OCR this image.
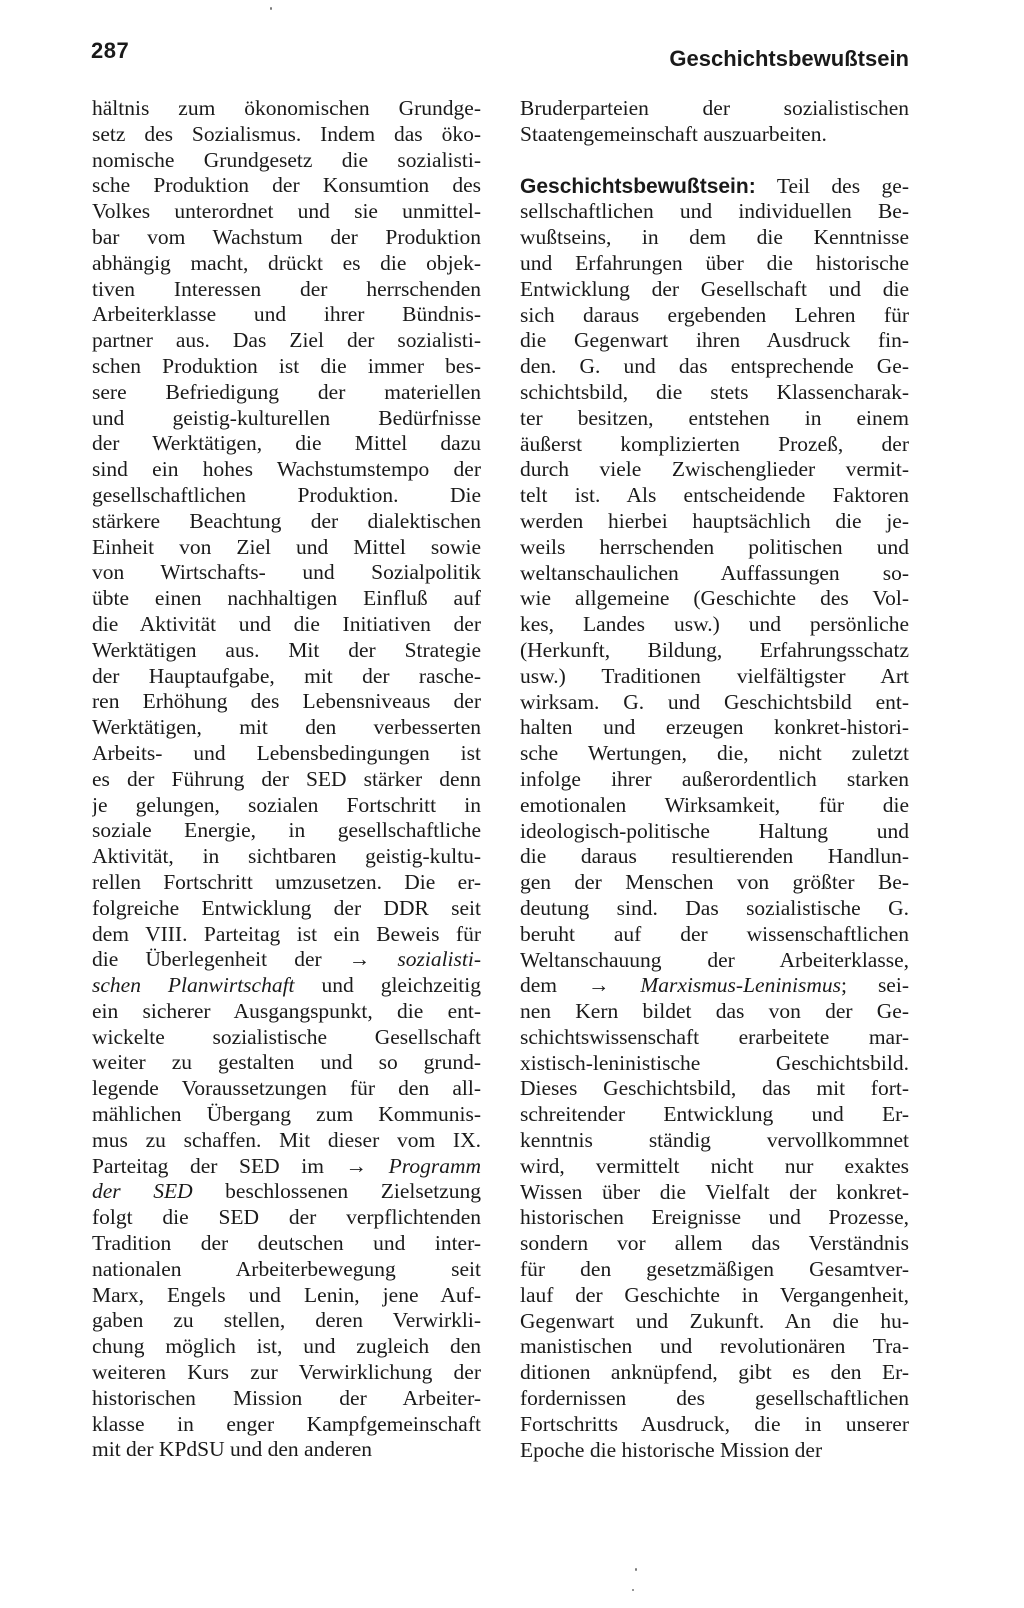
287	Geschichtsbewußtsein
hältnis zum ökonomischen Grundge-
setz des Sozialismus. Indem das öko-
nomische Grundgesetz die sozialisti-
sche Produktion der Konsumtion des
Volkes unterordnet und sie unmittel-
bar vom Wachstum der Produktion
abhängig macht, drückt es die objek-
tiven Interessen der herrschenden
Arbeiterklasse und ihrer Bündnis-
partner aus. Das Ziel der sozialisti-
schen Produktion ist die immer bes-
sere Befriedigung der materiellen
und geistig-kulturellen Bedürfnisse
der Werktätigen, die Mittel dazu
sind ein hohes Wachstumstempo der
gesellschaftlichen Produktion. Die
stärkere Beachtung der dialektischen
Einheit von Ziel und Mittel sowie
von Wirtschafts- und Sozialpolitik
übte einen nachhaltigen Einfluß auf
die Aktivität und die Initiativen der
Werktätigen aus. Mit der Strategie
der Hauptaufgabe, mit der rasche-
ren Erhöhung des Lebensniveaus der
Werktätigen, mit den verbesserten
Arbeits- und Lebensbedingungen ist
es der Führung der SED stärker denn
je gelungen, sozialen Fortschritt in
soziale Energie, in gesellschaftliche
Aktivität, in sichtbaren geistig-kultu-
rellen Fortschritt umzusetzen. Die er-
folgreiche Entwicklung der DDR seit
dem VIII. Parteitag ist ein Beweis für
die Überlegenheit der → sozialisti-
schen Planwirtschaft und gleichzeitig
ein sicherer Ausgangspunkt, die ent-
wickelte sozialistische Gesellschaft
weiter zu gestalten und so grund-
legende Voraussetzungen für den all-
mählichen Übergang zum Kommunis-
mus zu schaffen. Mit dieser vom IX.
Parteitag der SED im → Programm
der SED beschlossenen Zielsetzung
folgt die SED der verpflichtenden
Tradition der deutschen und inter-
nationalen Arbeiterbewegung seit
Marx, Engels und Lenin, jene Auf-
gaben zu stellen, deren Verwirkli-
chung möglich ist, und zugleich den
weiteren Kurs zur Verwirklichung der
historischen Mission der Arbeiter-
klasse in enger Kampfgemeinschaft
mit der KPdSU und den anderen
Bruderparteien der sozialistischen
Staatengemeinschaft auszuarbeiten.
Geschichtsbewußtsein: Teil des ge-
sellschaftlichen und individuellen Be-
wußtseins, in dem die Kenntnisse
und Erfahrungen über die historische
Entwicklung der Gesellschaft und die
sich daraus ergebenden Lehren für
die Gegenwart ihren Ausdruck fin-
den. G. und das entsprechende Ge-
schichtsbild, die stets Klassencharak-
ter besitzen, entstehen in einem
äußerst komplizierten Prozeß, der
durch viele Zwischenglieder vermit-
telt ist. Als entscheidende Faktoren
werden hierbei hauptsächlich die je-
weils herrschenden politischen und
weltanschaulichen Auffassungen so-
wie allgemeine (Geschichte des Vol-
kes, Landes usw.) und persönliche
(Herkunft, Bildung, Erfahrungsschatz
usw.) Traditionen vielfältigster Art
wirksam. G. und Geschichtsbild ent-
halten und erzeugen konkret-histori-
sche Wertungen, die, nicht zuletzt
infolge ihrer außerordentlich starken
emotionalen Wirksamkeit, für die
ideologisch-politische Haltung und
die daraus resultierenden Handlun-
gen der Menschen von größter Be-
deutung sind. Das sozialistische G.
beruht auf der wissenschaftlichen
Weltanschauung der Arbeiterklasse,
dem → Marxismus-Leninismus; sei-
nen Kern bildet das von der Ge-
schichtswissenschaft erarbeitete mar-
xistisch-leninistische Geschichtsbild.
Dieses Geschichtsbild, das mit fort-
schreitender Entwicklung und Er-
kenntnis ständig vervollkommnet
wird, vermittelt nicht nur exaktes
Wissen über die Vielfalt der konkret-
historischen Ereignisse und Prozesse,
sondern vor allem das Verständnis
für den gesetzmäßigen Gesamtver-
lauf der Geschichte in Vergangenheit,
Gegenwart und Zukunft. An die hu-
manistischen und revolutionären Tra-
ditionen anknüpfend, gibt es den Er-
fordernissen des gesellschaftlichen
Fortschritts Ausdruck, die in unserer
Epoche die historische Mission der
